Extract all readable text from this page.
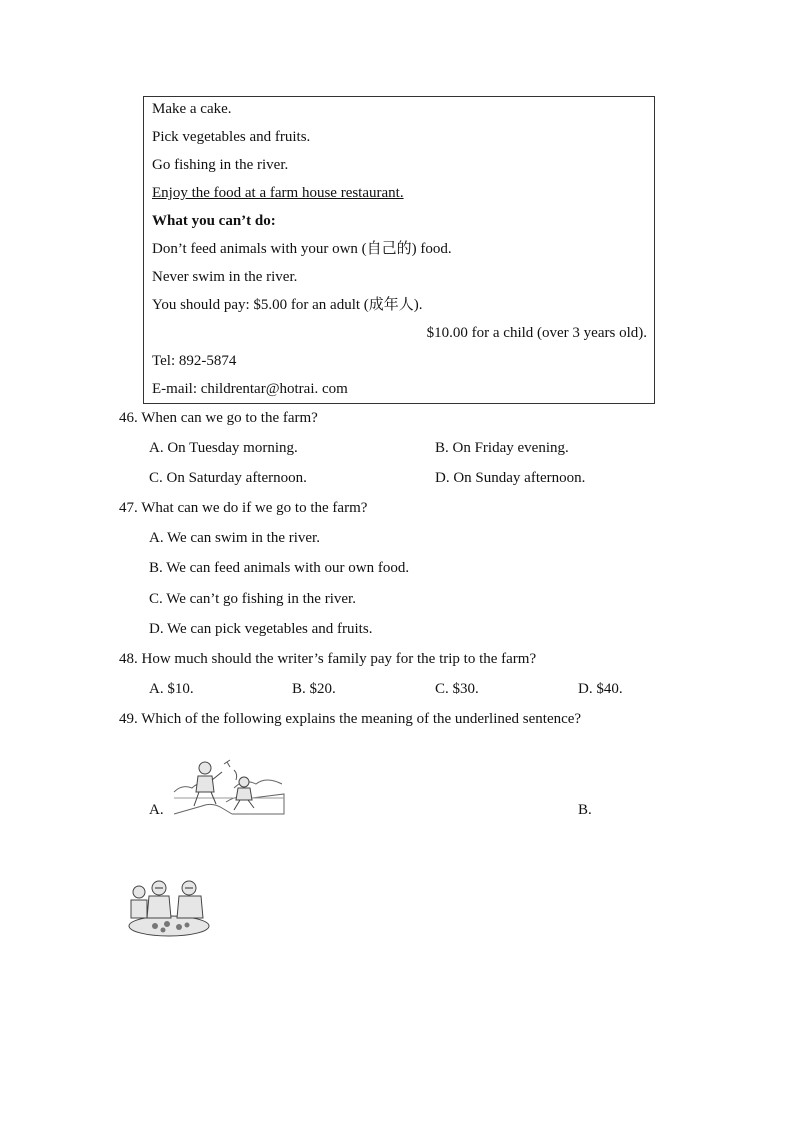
Make a cake.
Pick vegetables and fruits.
Go fishing in the river.
Enjoy the food at a farm house restaurant.
What you can’t do:
Don’t feed animals with your own (自己的) food.
Never swim in the river.
You should pay: $5.00 for an adult (成年人).
$10.00 for a child (over 3 years old).
Tel: 892-5874
E-mail: childrentar@hotrai. com
46. When can we go to the farm?
A. On Tuesday morning.	B. On Friday evening.
C. On Saturday afternoon.	D. On Sunday afternoon.
47. What can we do if we go to the farm?
A. We can swim in the river.
B. We can feed animals with our own food.
C. We can’t go fishing in the river.
D. We can pick vegetables and fruits.
48. How much should the writer’s family pay for the trip to the farm?
A. $10.	B. $20.	C. $30.	D. $40.
49. Which of the following explains the meaning of the underlined sentence?
A.	B.
